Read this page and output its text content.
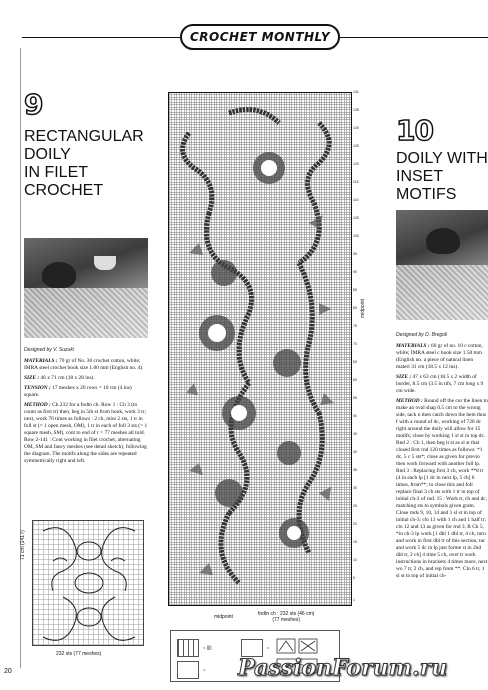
CROCHET MONTHLY
9
RECTANGULAR
DOILY
IN FILET
CROCHET
Designed by V. Suzuki

MATERIALS : 70 gr of No. 30 crochet cotton, white; IMRA steel crochet book size 1.00 mm (English no. 4).

SIZE : 46 x 71 cm (18 x 28 ins).

TENSION : 17 meshes x 20 rows = 10 cm (4 ins) square.

METHOD : Ch 232 for a fndtn ch. Row 1 : Ch 3 (to count as first tr) then, beg in 5th st from hook, work 3 tr; next, work 76 times as follows : 2 ch, miss 2 sts, 1 tr in foll st (= 1 open mesh, OM), 1 tr in each of foll 3 sts (= 1 square mesh, SM), cont to end of r = 77 meshes all told. Row 2-141 : Cont working in filet crochet, alternating OM, SM and fancy meshes (see detail sketch), following the diagram. The motifs along the sides are repeated symmetrically right and left.

71 cm (141 r)
232 sts (77 meshes)
141
135
130
125
120
115
110
105
100
95
90
85
80
75
70
65
60
55
50
45
40
35
30
25
20
15
10
5
1
midpoint
midpoint	fndtn ch : 232 sts (46 cm)
(77 meshes)
= ||||	=
=
10
DOILY WITH
INSET
MOTIFS
Designed by D. Bregoli

MATERIALS : 60 gr of no. 10 c cotton, white; IMRA steel c hook size 1.50 mm (English no. a piece of natural linen materi 31 cm (18.5 x 12 ins).

SIZE : 47 x 63 cm (18.5 x 2 width of border, 8.5 cm (3.5 in tifs, 7 cm long x 9 cm wide.

METHOD : Round off the cor the linen to make an oval shap 0.5 cm to the wrong side, tack n then catch down the hem thus f with a round of dc, working of 720 dc right around the doily will allow for 15 motifs; close by working 1 sl st in top dc. Rnd 2 : Ch 1, then beg it st as sl st that closed first rnd 120 times as follows: *1 dc, 5 c 5 sts*; close as given for previo then work forward with another foll lp. Rnd 3 : Replacing first 3 ch, work **8 tr (4 in each lp [1 dc in next lp, 5 ch] 6 times, from**; to close this and foll replace final 3 ch sts with 1 tr in top of initial ch-3 of rnd. 15 : Work tr, ch and dc, matching sts to symbols given gram. Close rnds 9, 10, 14 and 1 sl st in top of initial ch-3; clo 11 with 1 ch and 1 half tr; clo 12 and 13 as given for rnd 3. R Ch 5, *in ch-3 lp work [1 dbl 1 dbl tr, 4 ch, turn and work in first dbl tr of this section, tur and work 5 dc in lp just forme st in 2nd dbl tr, 2 ch] 4 time 5 ch, over tr work instructions in brackets 4 times more, next wo 7 tr, 2 ch, and rep from **. Clo 6 tr, 1 sl st in top of initial ch-

20	PassionForum.ru
